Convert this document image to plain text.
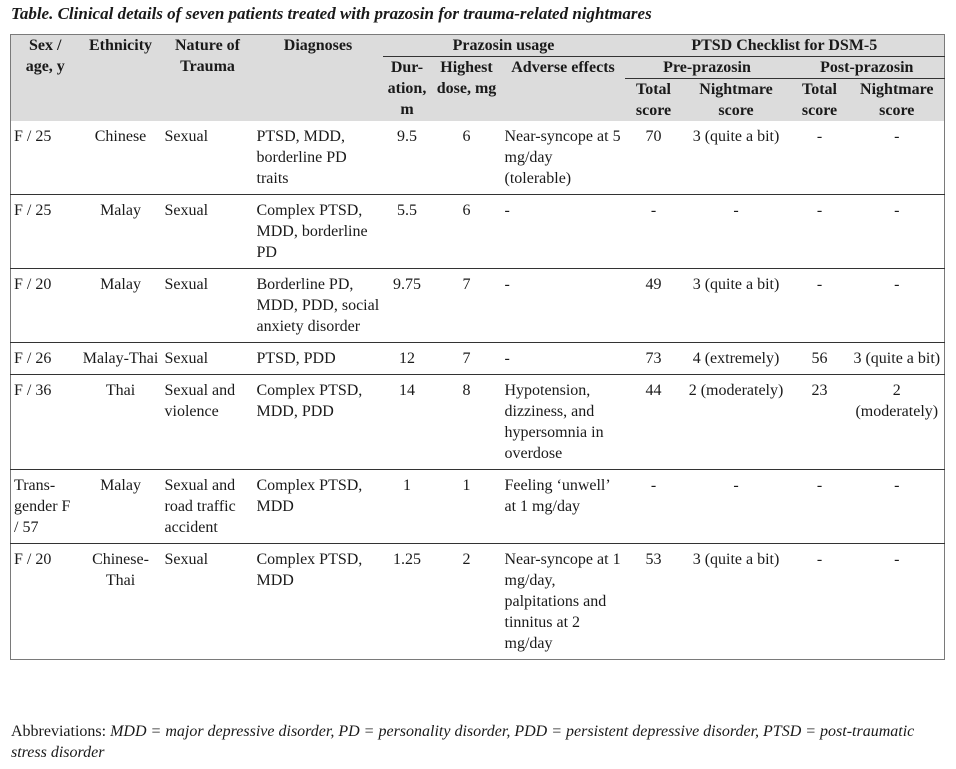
Table. Clinical details of seven patients treated with prazosin for trauma-related nightmares
Sex / age, y	Ethnicity	Nature of Trauma	Diagnoses	Prazosin usage			PTSD Checklist for DSM-5			
				Dur-ation, m	Highest dose, mg	Adverse effects	Pre-prazosin		Post-prazosin	
							Total score	Nightmare score	Total score	Nightmare score
F / 25	Chinese	Sexual	PTSD, MDD, borderline PD traits	9.5	6	Near-syncope at 5 mg/day (tolerable)	70	3 (quite a bit)	-	-
F / 25	Malay	Sexual	Complex PTSD, MDD, borderline PD	5.5	6	-	-	-	-	-
F / 20	Malay	Sexual	Borderline PD, MDD, PDD, social anxiety disorder	9.75	7	-	49	3 (quite a bit)	-	-
F / 26	Malay-Thai	Sexual	PTSD, PDD	12	7	-	73	4 (extremely)	56	3 (quite a bit)
F / 36	Thai	Sexual and violence	Complex PTSD, MDD, PDD	14	8	Hypotension, dizziness, and hypersomnia in overdose	44	2 (moderately)	23	2 (moderately)
Trans-gender F / 57	Malay	Sexual and road traffic accident	Complex PTSD, MDD	1	1	Feeling ‘unwell’ at 1 mg/day	-	-	-	-
F / 20	Chinese-Thai	Sexual	Complex PTSD, MDD	1.25	2	Near-syncope at 1 mg/day, palpitations and tinnitus at 2 mg/day	53	3 (quite a bit)	-	-
Abbreviations: MDD = major depressive disorder, PD = personality disorder, PDD = persistent depressive disorder, PTSD = post-traumatic stress disorder
